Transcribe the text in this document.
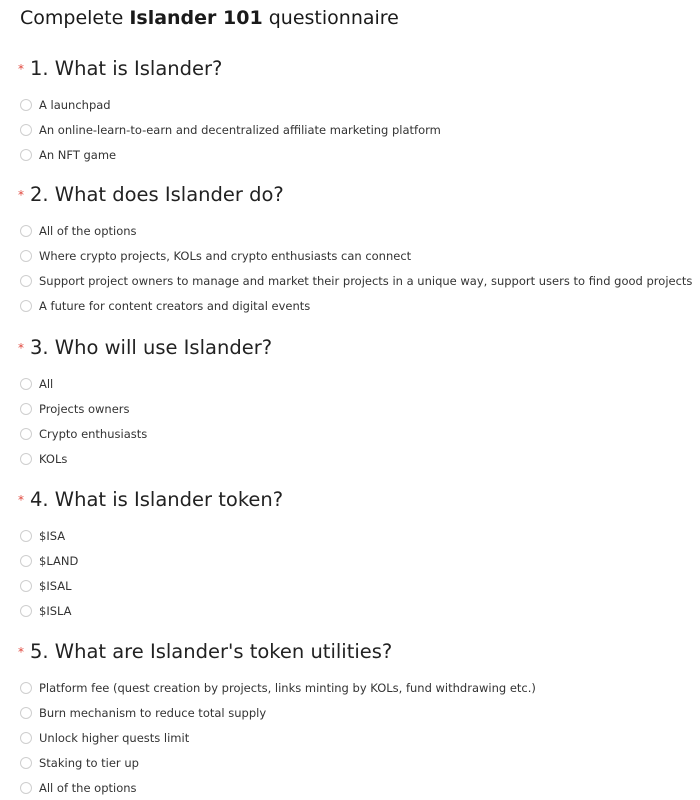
Compelete Islander 101 questionnaire
* 1. What is Islander?
A launchpad
An online-learn-to-earn and decentralized affiliate marketing platform
An NFT game
* 2. What does Islander do?
All of the options
Where crypto projects, KOLs and crypto enthusiasts can connect
Support project owners to manage and market their projects in a unique way, support users to find good projects
A future for content creators and digital events
* 3. Who will use Islander?
All
Projects owners
Crypto enthusiasts
KOLs
* 4. What is Islander token?
$ISA
$LAND
$ISAL
$ISLA
* 5. What are Islander's token utilities?
Platform fee (quest creation by projects, links minting by KOLs, fund withdrawing etc.)
Burn mechanism to reduce total supply
Unlock higher quests limit
Staking to tier up
All of the options
